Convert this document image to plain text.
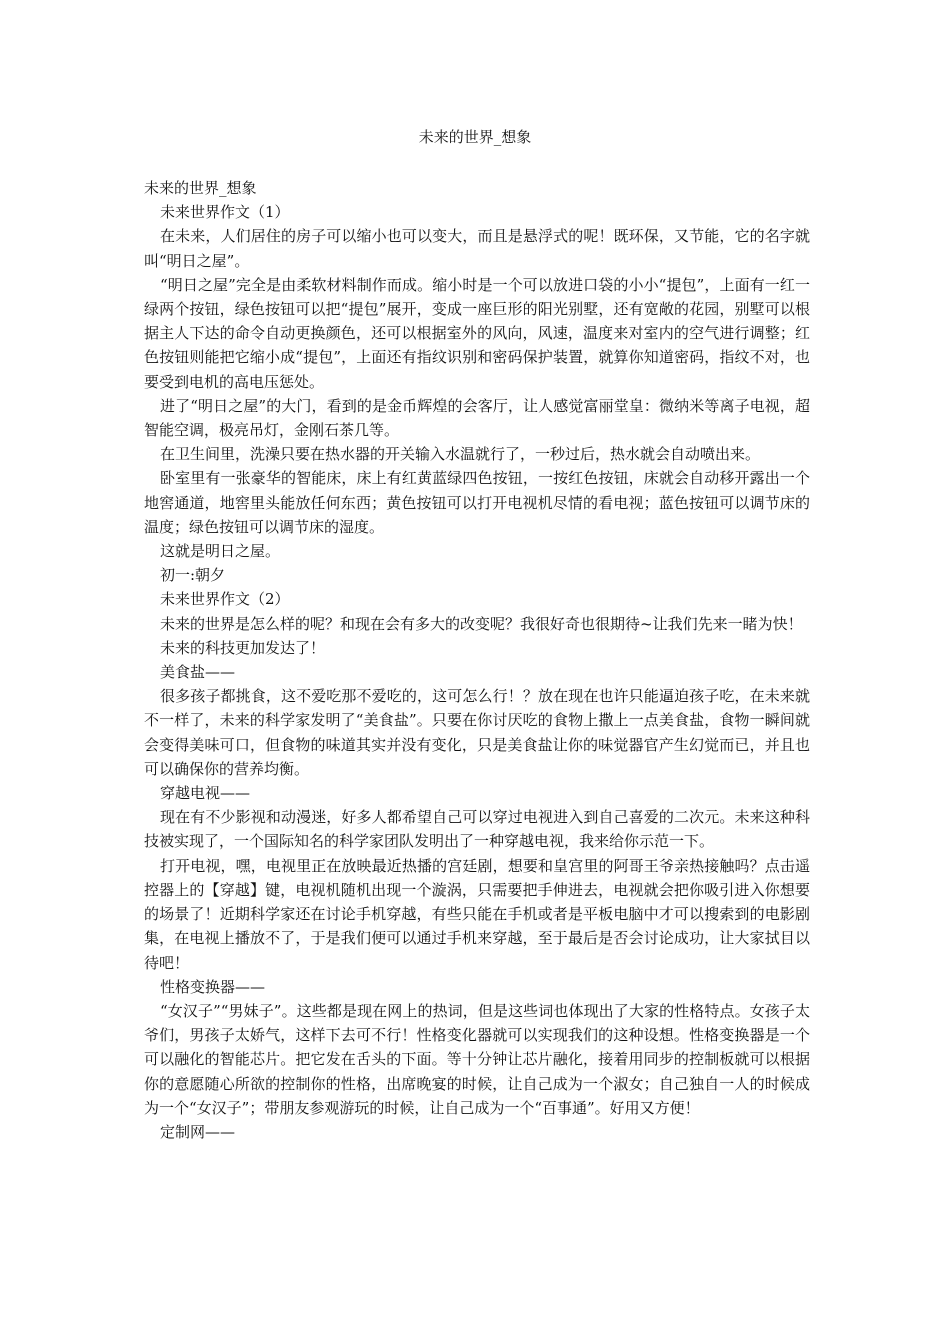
未来的世界_想象

未来的世界_想象

未来世界作文（1）

在未来，人们居住的房子可以缩小也可以变大，而且是悬浮式的呢！既环保，又节能，它的名字就叫“明日之屋”。

“明日之屋”完全是由柔软材料制作而成。缩小时是一个可以放进口袋的小小“提包”，上面有一红一绿两个按钮，绿色按钮可以把“提包”展开，变成一座巨形的阳光别墅，还有宽敞的花园，别墅可以根据主人下达的命令自动更换颜色，还可以根据室外的风向，风速，温度来对室内的空气进行调整；红色按钮则能把它缩小成“提包”，上面还有指纹识别和密码保护装置，就算你知道密码，指纹不对，也要受到电机的高电压惩处。

进了“明日之屋”的大门，看到的是金币辉煌的会客厅，让人感觉富丽堂皇：微纳米等离子电视，超智能空调，极亮吊灯，金刚石茶几等。

在卫生间里，洗澡只要在热水器的开关输入水温就行了，一秒过后，热水就会自动喷出来。

卧室里有一张豪华的智能床，床上有红黄蓝绿四色按钮，一按红色按钮，床就会自动移开露出一个地窖通道，地窖里头能放任何东西；黄色按钮可以打开电视机尽情的看电视；蓝色按钮可以调节床的温度；绿色按钮可以调节床的湿度。

这就是明日之屋。

初一:朝夕

未来世界作文（2）

未来的世界是怎么样的呢？和现在会有多大的改变呢？我很好奇也很期待~让我们先来一睹为快！

未来的科技更加发达了！

美食盐——

很多孩子都挑食，这不爱吃那不爱吃的，这可怎么行！？放在现在也许只能逼迫孩子吃，在未来就不一样了，未来的科学家发明了“美食盐”。只要在你讨厌吃的食物上撒上一点美食盐，食物一瞬间就会变得美味可口，但食物的味道其实并没有变化，只是美食盐让你的味觉器官产生幻觉而已，并且也可以确保你的营养均衡。

穿越电视——

现在有不少影视和动漫迷，好多人都希望自己可以穿过电视进入到自己喜爱的二次元。未来这种科技被实现了，一个国际知名的科学家团队发明出了一种穿越电视，我来给你示范一下。

打开电视，嘿，电视里正在放映最近热播的宫廷剧，想要和皇宫里的阿哥王爷亲热接触吗？点击遥控器上的【穿越】键，电视机随机出现一个漩涡，只需要把手伸进去，电视就会把你吸引进入你想要的场景了！近期科学家还在讨论手机穿越，有些只能在手机或者是平板电脑中才可以搜索到的电影剧集，在电视上播放不了，于是我们便可以通过手机来穿越，至于最后是否会讨论成功，让大家拭目以待吧！

性格变换器——

“女汉子”“男妹子”。这些都是现在网上的热词，但是这些词也体现出了大家的性格特点。女孩子太爷们，男孩子太娇气，这样下去可不行！性格变化器就可以实现我们的这种设想。性格变换器是一个可以融化的智能芯片。把它发在舌头的下面。等十分钟让芯片融化，接着用同步的控制板就可以根据你的意愿随心所欲的控制你的性格，出席晚宴的时候，让自己成为一个淑女；自己独自一人的时候成为一个“女汉子”；带朋友参观游玩的时候，让自己成为一个“百事通”。好用又方便！

定制网——
